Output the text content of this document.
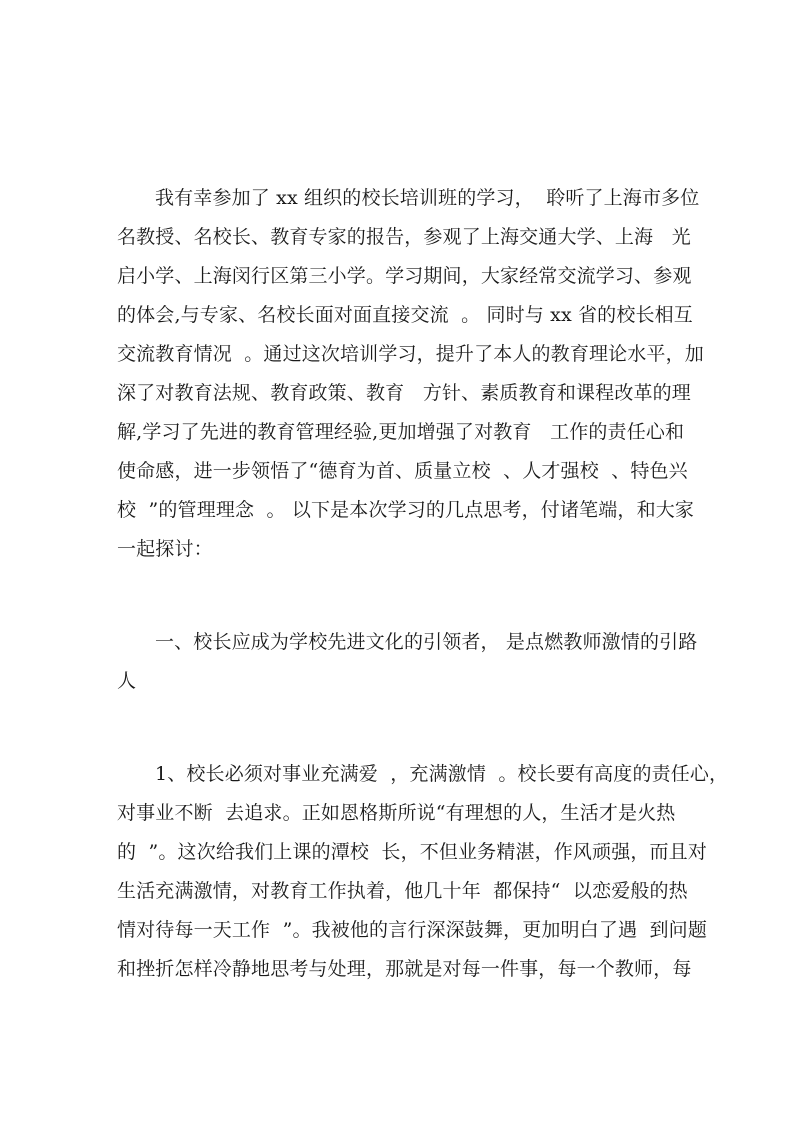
我有幸参加了 xx 组织的校长培训班的学习，  聆听了上海市多位
名教授、名校长、教育专家的报告，参观了上海交通大学、上海   光
启小学、上海闵行区第三小学。学习期间，大家经常交流学习、参观
的体会,与专家、名校长面对面直接交流  。 同时与 xx 省的校长相互
交流教育情况  。通过这次培训学习，提升了本人的教育理论水平，加
深了对教育法规、教育政策、教育   方针、素质教育和课程改革的理
解,学习了先进的教育管理经验,更加增强了对教育   工作的责任心和
使命感，进一步领悟了“德育为首、质量立校  、人才强校  、特色兴
校  ”的管理理念  。 以下是本次学习的几点思考，付诸笔端，和大家
一起探讨：
一、校长应成为学校先进文化的引领者， 是点燃教师激情的引路
人
1、校长必须对事业充满爱  ，充满激情  。校长要有高度的责任心，
对事业不断  去追求。正如恩格斯所说“有理想的人，生活才是火热
的  ”。这次给我们上课的潭校  长，不但业务精湛，作风顽强，而且对
生活充满激情，对教育工作执着，他几十年  都保持“  以恋爱般的热
情对待每一天工作  ”。我被他的言行深深鼓舞，更加明白了遇  到问题
和挫折怎样冷静地思考与处理，那就是对每一件事，每一个教师，每
